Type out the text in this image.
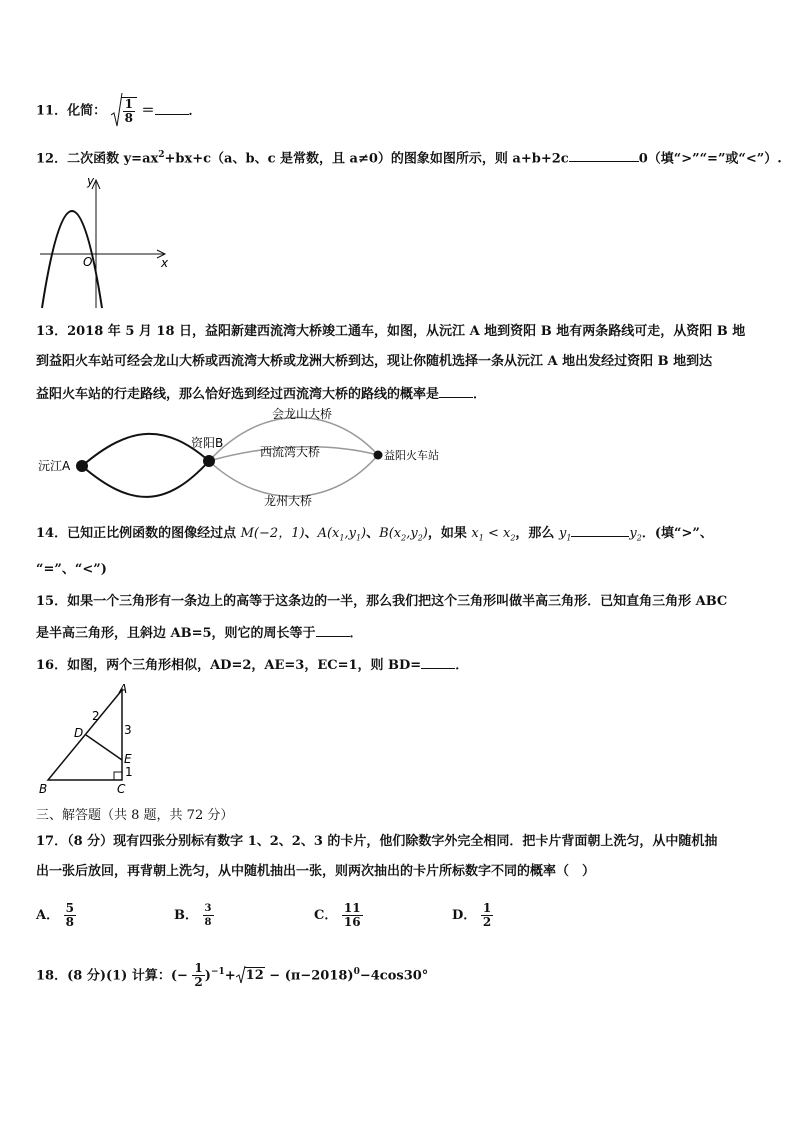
11．化简： $\frac{1}{8}$ ＝	．
12．二次函数 $y=ax^2+bx+c(a$、b、c 是常数，且 a≠0）的图象如图所示，则 a+b+2c	0（填“>”“=”或“<”）.
y
x
O
13．2018 年 5 月 18 日，益阳新建西流湾大桥竣工通车，如图，从沅江 A 地到资阳 B 地有两条路线可走，从资阳 B 地
到益阳火车站可经会龙山大桥或西流湾大桥或龙洲大桥到达，现让你随机选择一条从沅江 A 地出发经过资阳 B 地到达
益阳火车站的行走路线，那么恰好选到经过西流湾大桥的路线的概率是	．
沅江A
资阳B
益阳火车站
会龙山大桥
西流湾大桥
龙州大桥
14．已知正比例函数的图像经过点 M(−2，1)、$A(x_1,y_1)$、$B(x_2,y_2)$，如果 $x_1 < x_2$，那么 $y_1$	$y_2$．(填“>”、
“=”、“<”)
15．如果一个三角形有一条边上的高等于这条边的一半，那么我们把这个三角形叫做半高三角形．已知直角三角形 ABC
是半高三角形，且斜边 AB=5，则它的周长等于	．
16．如图，两个三角形相似，AD=2，AE=3，EC=1，则 BD=	．
A
B	C
D
E
2
3
1
三、解答题（共 8 题，共 72 分）
17．（8 分）现有四张分别标有数字 1、2、2、3 的卡片，他们除数字外完全相同．把卡片背面朝上洗匀，从中随机抽
出一张后放回，再背朝上洗匀，从中随机抽出一张，则两次抽出的卡片所标数字不同的概率（　）
A． $\frac{5}{8}$	B． $\frac{3}{8}$	C． $\frac{11}{16}$	D． $\frac{1}{2}$
18．(8 分)(1) 计算：(− $\frac{1}{2} )^{-1}+ 12 - (\pi-2018)^0-4\cos 30^\circ$
